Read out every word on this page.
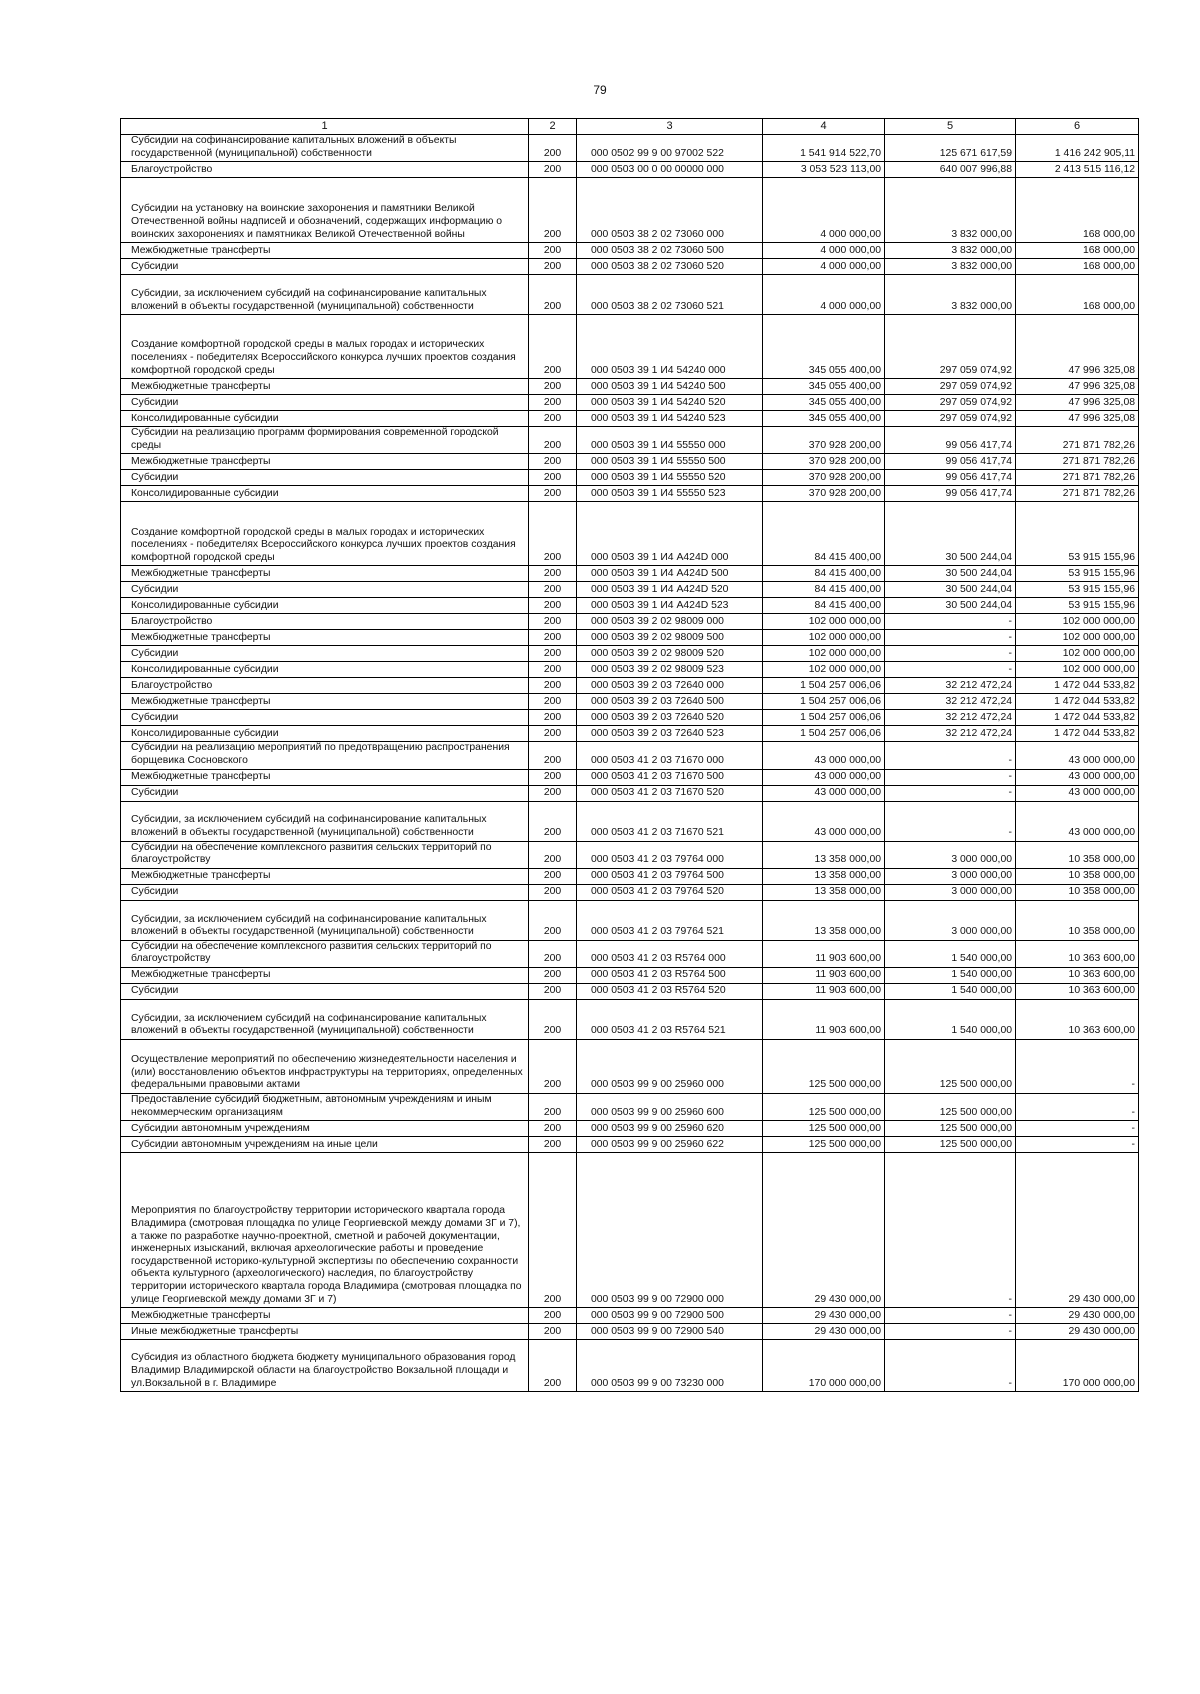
79
1	2	3	4	5	6
Субсидии на софинансирование капитальных вложений в объекты государственной (муниципальной) собственности	200	000 0502 99 9 00 97002 522	1 541 914 522,70	125 671 617,59	1 416 242 905,11
Благоустройство	200	000 0503 00 0 00 00000 000	3 053 523 113,00	640 007 996,88	2 413 515 116,12
Субсидии на установку на воинские захоронения и памятники Великой Отечественной войны надписей и обозначений, содержащих информацию о воинских захоронениях и памятниках Великой Отечественной войны	200	000 0503 38 2 02 73060 000	4 000 000,00	3 832 000,00	168 000,00
Межбюджетные трансферты	200	000 0503 38 2 02 73060 500	4 000 000,00	3 832 000,00	168 000,00
Субсидии	200	000 0503 38 2 02 73060 520	4 000 000,00	3 832 000,00	168 000,00
Субсидии, за исключением субсидий на софинансирование капитальных вложений в объекты государственной (муниципальной) собственности	200	000 0503 38 2 02 73060 521	4 000 000,00	3 832 000,00	168 000,00
Создание комфортной городской среды в малых городах и исторических поселениях - победителях Всероссийского конкурса лучших проектов создания комфортной городской среды	200	000 0503 39 1 И4 54240 000	345 055 400,00	297 059 074,92	47 996 325,08
Межбюджетные трансферты	200	000 0503 39 1 И4 54240 500	345 055 400,00	297 059 074,92	47 996 325,08
Субсидии	200	000 0503 39 1 И4 54240 520	345 055 400,00	297 059 074,92	47 996 325,08
Консолидированные субсидии	200	000 0503 39 1 И4 54240 523	345 055 400,00	297 059 074,92	47 996 325,08
Субсидии на реализацию программ формирования современной городской среды	200	000 0503 39 1 И4 55550 000	370 928 200,00	99 056 417,74	271 871 782,26
Межбюджетные трансферты	200	000 0503 39 1 И4 55550 500	370 928 200,00	99 056 417,74	271 871 782,26
Субсидии	200	000 0503 39 1 И4 55550 520	370 928 200,00	99 056 417,74	271 871 782,26
Консолидированные субсидии	200	000 0503 39 1 И4 55550 523	370 928 200,00	99 056 417,74	271 871 782,26
Создание комфортной городской среды в малых городах и исторических поселениях - победителях Всероссийского конкурса лучших проектов создания комфортной городской среды	200	000 0503 39 1 И4 А424D 000	84 415 400,00	30 500 244,04	53 915 155,96
Межбюджетные трансферты	200	000 0503 39 1 И4 А424D 500	84 415 400,00	30 500 244,04	53 915 155,96
Субсидии	200	000 0503 39 1 И4 А424D 520	84 415 400,00	30 500 244,04	53 915 155,96
Консолидированные субсидии	200	000 0503 39 1 И4 А424D 523	84 415 400,00	30 500 244,04	53 915 155,96
Благоустройство	200	000 0503 39 2 02 98009 000	102 000 000,00	-	102 000 000,00
Межбюджетные трансферты	200	000 0503 39 2 02 98009 500	102 000 000,00	-	102 000 000,00
Субсидии	200	000 0503 39 2 02 98009 520	102 000 000,00	-	102 000 000,00
Консолидированные субсидии	200	000 0503 39 2 02 98009 523	102 000 000,00	-	102 000 000,00
Благоустройство	200	000 0503 39 2 03 72640 000	1 504 257 006,06	32 212 472,24	1 472 044 533,82
Межбюджетные трансферты	200	000 0503 39 2 03 72640 500	1 504 257 006,06	32 212 472,24	1 472 044 533,82
Субсидии	200	000 0503 39 2 03 72640 520	1 504 257 006,06	32 212 472,24	1 472 044 533,82
Консолидированные субсидии	200	000 0503 39 2 03 72640 523	1 504 257 006,06	32 212 472,24	1 472 044 533,82
Субсидии на реализацию мероприятий по предотвращению распространения борщевика Сосновского	200	000 0503 41 2 03 71670 000	43 000 000,00	-	43 000 000,00
Межбюджетные трансферты	200	000 0503 41 2 03 71670 500	43 000 000,00	-	43 000 000,00
Субсидии	200	000 0503 41 2 03 71670 520	43 000 000,00	-	43 000 000,00
Субсидии, за исключением субсидий на софинансирование капитальных вложений в объекты государственной (муниципальной) собственности	200	000 0503 41 2 03 71670 521	43 000 000,00	-	43 000 000,00
Субсидии на обеспечение комплексного развития сельских территорий по благоустройству	200	000 0503 41 2 03 79764 000	13 358 000,00	3 000 000,00	10 358 000,00
Межбюджетные трансферты	200	000 0503 41 2 03 79764 500	13 358 000,00	3 000 000,00	10 358 000,00
Субсидии	200	000 0503 41 2 03 79764 520	13 358 000,00	3 000 000,00	10 358 000,00
Субсидии, за исключением субсидий на софинансирование капитальных вложений в объекты государственной (муниципальной) собственности	200	000 0503 41 2 03 79764 521	13 358 000,00	3 000 000,00	10 358 000,00
Субсидии на обеспечение комплексного развития сельских территорий по благоустройству	200	000 0503 41 2 03 R5764 000	11 903 600,00	1 540 000,00	10 363 600,00
Межбюджетные трансферты	200	000 0503 41 2 03 R5764 500	11 903 600,00	1 540 000,00	10 363 600,00
Субсидии	200	000 0503 41 2 03 R5764 520	11 903 600,00	1 540 000,00	10 363 600,00
Субсидии, за исключением субсидий на софинансирование капитальных вложений в объекты государственной (муниципальной) собственности	200	000 0503 41 2 03 R5764 521	11 903 600,00	1 540 000,00	10 363 600,00
Осуществление мероприятий по обеспечению жизнедеятельности населения и (или) восстановлению объектов инфраструктуры на территориях, определенных федеральными правовыми актами	200	000 0503 99 9 00 25960 000	125 500 000,00	125 500 000,00	-
Предоставление субсидий бюджетным, автономным учреждениям и иным некоммерческим организациям	200	000 0503 99 9 00 25960 600	125 500 000,00	125 500 000,00	-
Субсидии автономным учреждениям	200	000 0503 99 9 00 25960 620	125 500 000,00	125 500 000,00	-
Субсидии автономным учреждениям на иные цели	200	000 0503 99 9 00 25960 622	125 500 000,00	125 500 000,00	-
Мероприятия по благоустройству территории исторического квартала города Владимира (смотровая площадка по улице Георгиевской между домами 3Г и 7), а также по разработке научно-проектной, сметной и рабочей документации, инженерных изысканий, включая археологические работы и проведение государственной историко-культурной экспертизы по обеспечению сохранности объекта культурного (археологического) наследия, по благоустройству территории исторического квартала города Владимира (смотровая площадка по улице Георгиевской между домами 3Г и 7)	200	000 0503 99 9 00 72900 000	29 430 000,00	-	29 430 000,00
Межбюджетные трансферты	200	000 0503 99 9 00 72900 500	29 430 000,00	-	29 430 000,00
Иные межбюджетные трансферты	200	000 0503 99 9 00 72900 540	29 430 000,00	-	29 430 000,00
Субсидия из областного бюджета бюджету муниципального образования город Владимир Владимирской области на благоустройство Вокзальной площади и ул.Вокзальной в г. Владимире	200	000 0503 99 9 00 73230 000	170 000 000,00	-	170 000 000,00
